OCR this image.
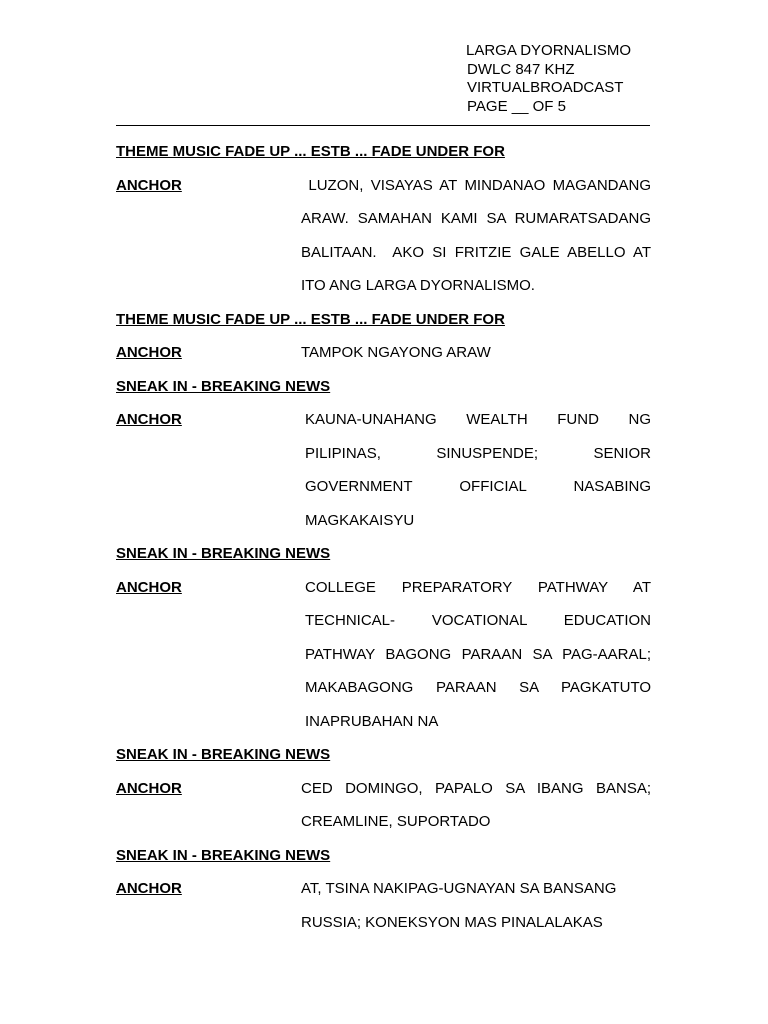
LARGA DYORNALISMO
DWLC 847 KHZ
VIRTUALBROADCAST
PAGE __ OF 5
THEME MUSIC FADE UP ... ESTB ... FADE UNDER FOR
ANCHOR	LUZON, VISAYAS AT MINDANAO MAGANDANG
ARAW. SAMAHAN KAMI SA RUMARATSADANG
BALITAAN.  AKO SI FRITZIE GALE ABELLO AT
ITO ANG LARGA DYORNALISMO.
THEME MUSIC FADE UP ... ESTB ... FADE UNDER FOR
ANCHOR	TAMPOK NGAYONG ARAW
SNEAK IN - BREAKING NEWS
ANCHOR	KAUNA-UNAHANG WEALTH FUND NG
PILIPINAS, SINUSPENDE; SENIOR
GOVERNMENT OFFICIAL NASABING
MAGKAKAISYU
SNEAK IN - BREAKING NEWS
ANCHOR	COLLEGE PREPARATORY PATHWAY AT
TECHNICAL- VOCATIONAL EDUCATION
PATHWAY BAGONG PARAAN SA PAG-AARAL;
MAKABAGONG PARAAN SA PAGKATUTO
INAPRUBAHAN NA
SNEAK IN - BREAKING NEWS
ANCHOR	CED DOMINGO, PAPALO SA IBANG BANSA;
CREAMLINE, SUPORTADO
SNEAK IN - BREAKING NEWS
ANCHOR	AT, TSINA NAKIPAG-UGNAYAN SA BANSANG
RUSSIA; KONEKSYON MAS PINALALAKAS
